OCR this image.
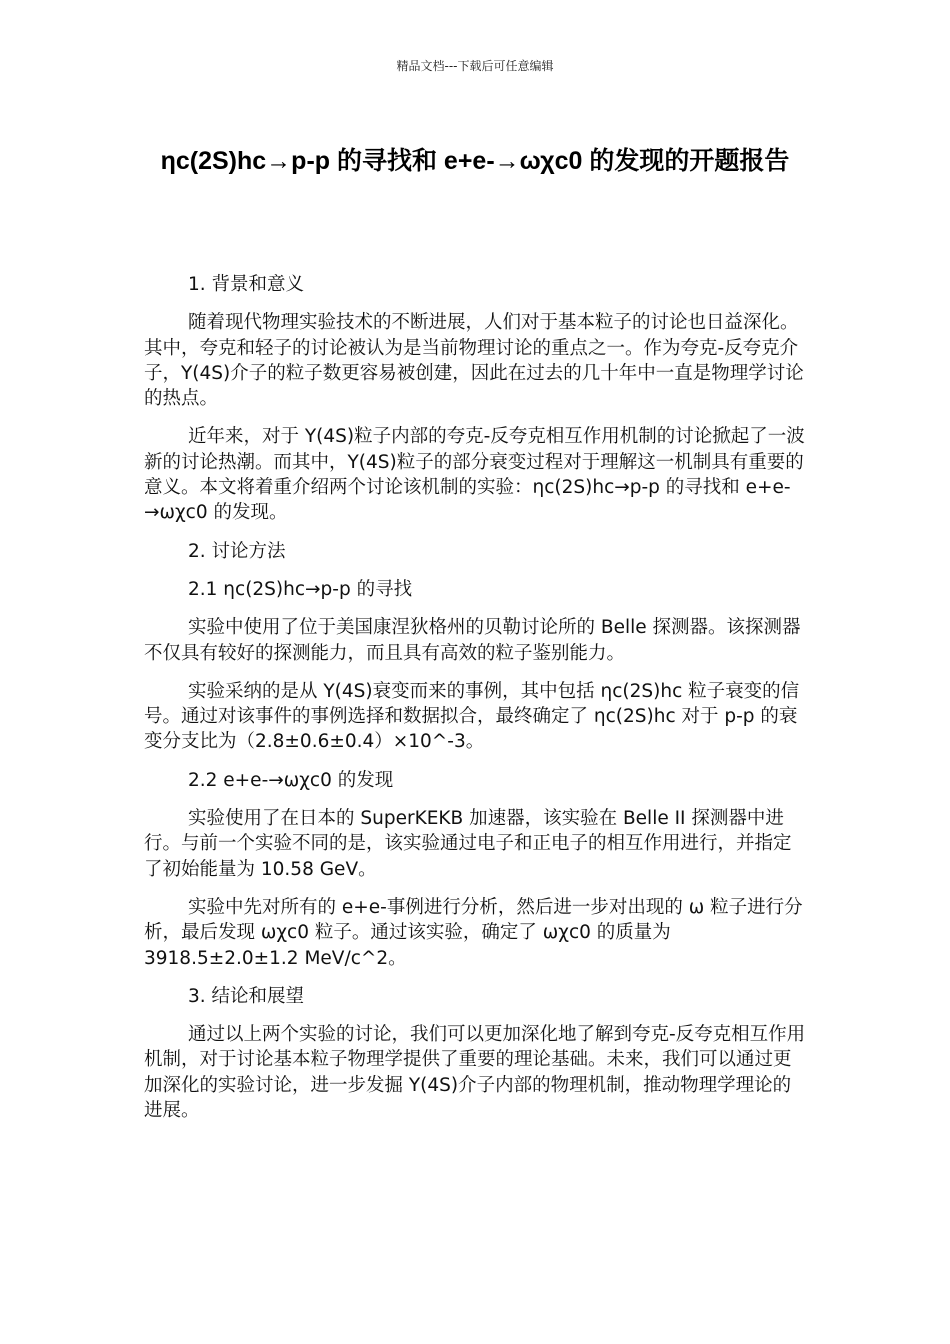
精品文档---下载后可任意编辑
ηc(2S)hc→p-p 的寻找和 e+e-→ωχc0 的发现的开题报告

1. 背景和意义

随着现代物理实验技术的不断进展，人们对于基本粒子的讨论也日益深化。其中，夸克和轻子的讨论被认为是当前物理讨论的重点之一。作为夸克-反夸克介子，Y(4S)介子的粒子数更容易被创建，因此在过去的几十年中一直是物理学讨论的热点。

近年来，对于 Y(4S)粒子内部的夸克-反夸克相互作用机制的讨论掀起了一波新的讨论热潮。而其中，Y(4S)粒子的部分衰变过程对于理解这一机制具有重要的意义。本文将着重介绍两个讨论该机制的实验：ηc(2S)hc→p-p 的寻找和 e+e-→ωχc0 的发现。

2. 讨论方法

2.1 ηc(2S)hc→p-p 的寻找

实验中使用了位于美国康涅狄格州的贝勒讨论所的 Belle 探测器。该探测器不仅具有较好的探测能力，而且具有高效的粒子鉴别能力。

实验采纳的是从 Y(4S)衰变而来的事例，其中包括 ηc(2S)hc 粒子衰变的信号。通过对该事件的事例选择和数据拟合，最终确定了 ηc(2S)hc 对于 p-p 的衰变分支比为（2.8±0.6±0.4）×10^-3。

2.2 e+e-→ωχc0 的发现

实验使用了在日本的 SuperKEKB 加速器，该实验在 Belle II 探测器中进行。与前一个实验不同的是，该实验通过电子和正电子的相互作用进行，并指定了初始能量为 10.58 GeV。

实验中先对所有的 e+e-事例进行分析，然后进一步对出现的 ω 粒子进行分析，最后发现 ωχc0 粒子。通过该实验，确定了 ωχc0 的质量为 3918.5±2.0±1.2 MeV/c^2。

3. 结论和展望

通过以上两个实验的讨论，我们可以更加深化地了解到夸克-反夸克相互作用机制，对于讨论基本粒子物理学提供了重要的理论基础。未来，我们可以通过更加深化的实验讨论，进一步发掘 Y(4S)介子内部的物理机制，推动物理学理论的进展。
